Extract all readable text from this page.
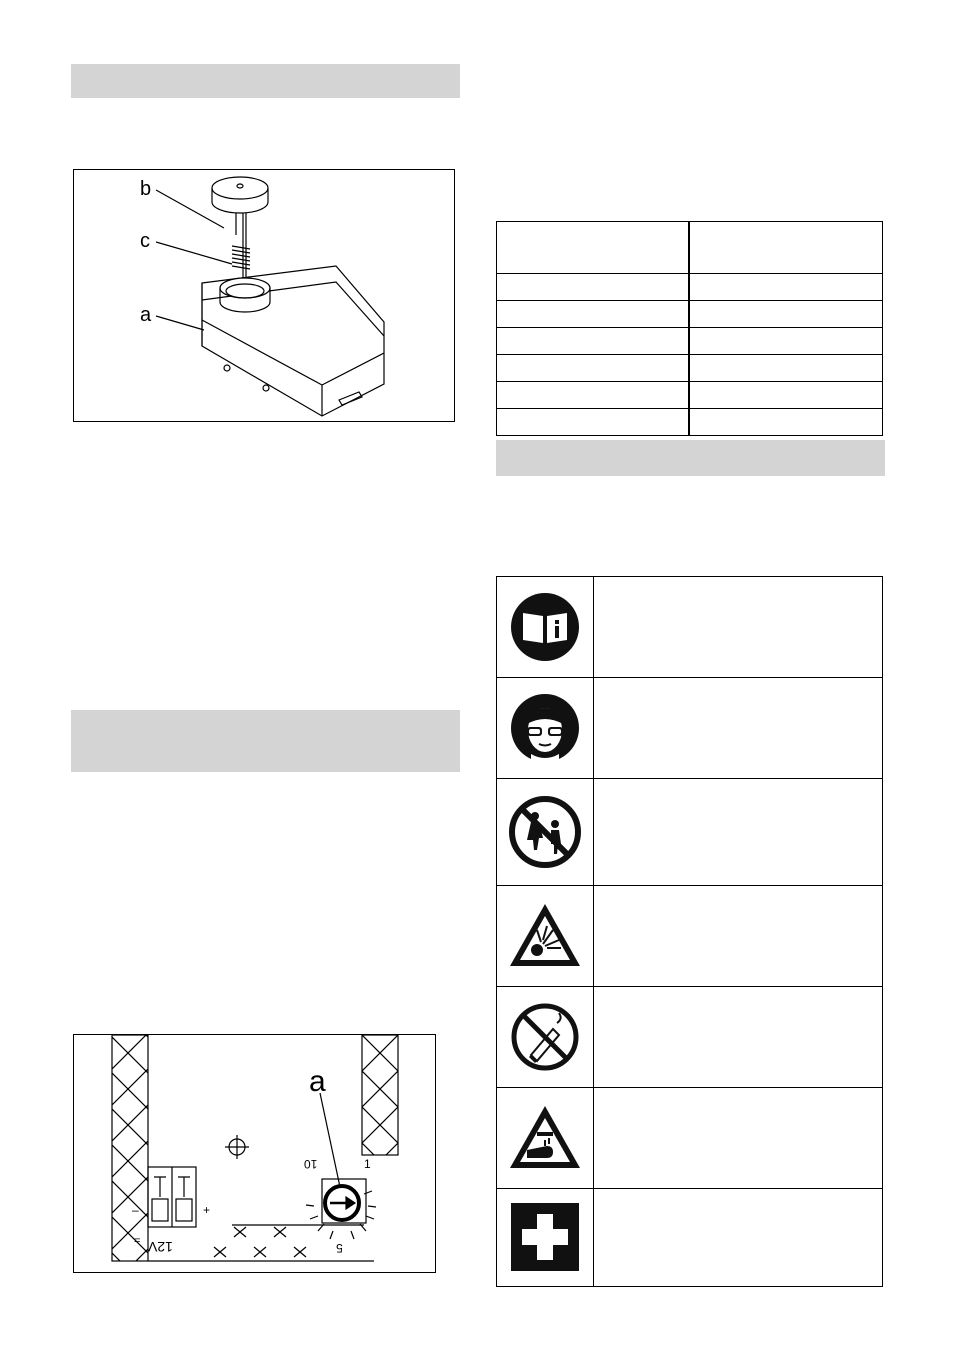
b
c
a

a
10	1
5
–	+
= 12V
